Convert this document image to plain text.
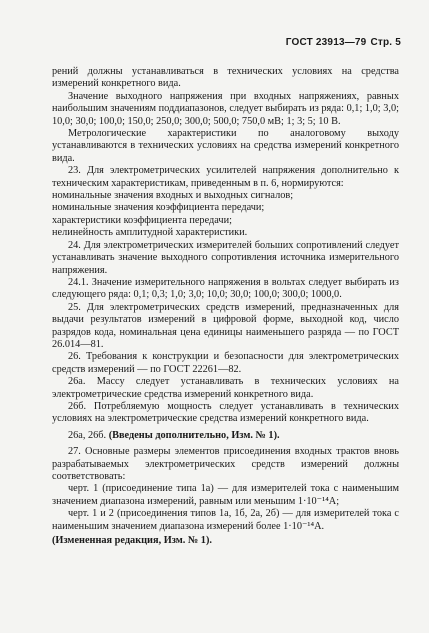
ГОСТ 23913—79 Стр. 5

рений должны устанавливаться в технических условиях на средства измерений конкретного вида.

Значение выходного напряжения при входных напряжениях, равных наибольшим значениям поддиапазонов, следует выбирать из ряда: 0,1; 1,0; 3,0; 10,0; 30,0; 100,0; 150,0; 250,0; 300,0; 500,0; 750,0 мВ; 1; 3; 5; 10 В.

Метрологические характеристики по аналоговому выходу устанавливаются в технических условиях на средства измерений конкретного вида.

23. Для электрометрических усилителей напряжения дополнительно к техническим характеристикам, приведенным в п. 6, нормируются:

номинальные значения входных и выходных сигналов;

номинальные значения коэффициента передачи;

характеристики коэффициента передачи;

нелинейность амплитудной характеристики.

24. Для электрометрических измерителей больших сопротивлений следует устанавливать значение выходного сопротивления источника измерительного напряжения.

24.1. Значение измерительного напряжения в вольтах следует выбирать из следующего ряда: 0,1; 0,3; 1,0; 3,0; 10,0; 30,0; 100,0; 300,0; 1000,0.

25. Для электрометрических средств измерений, предназначенных для выдачи результатов измерений в цифровой форме, выходной код, число разрядов кода, номинальная цена единицы наименьшего разряда — по ГОСТ 26.014—81.

26. Требования к конструкции и безопасности для электрометрических средств измерений — по ГОСТ 22261—82.

26а. Массу следует устанавливать в технических условиях на электрометрические средства измерений конкретного вида.

26б. Потребляемую мощность следует устанавливать в технических условиях на электрометрические средства измерений конкретного вида.

26а, 26б. (Введены дополнительно, Изм. № 1).

27. Основные размеры элементов присоединения входных трактов вновь разрабатываемых электрометрических средств измерений должны соответствовать:

черт. 1 (присоединение типа 1а) — для измерителей тока с наименьшим значением диапазона измерений, равным или меньшим 1·10⁻¹⁴А;

черт. 1 и 2 (присоединения типов 1а, 1б, 2а, 2б) — для измерителей тока с наименьшим значением диапазона измерений более 1·10⁻¹⁴А.

(Измененная редакция, Изм. № 1).
